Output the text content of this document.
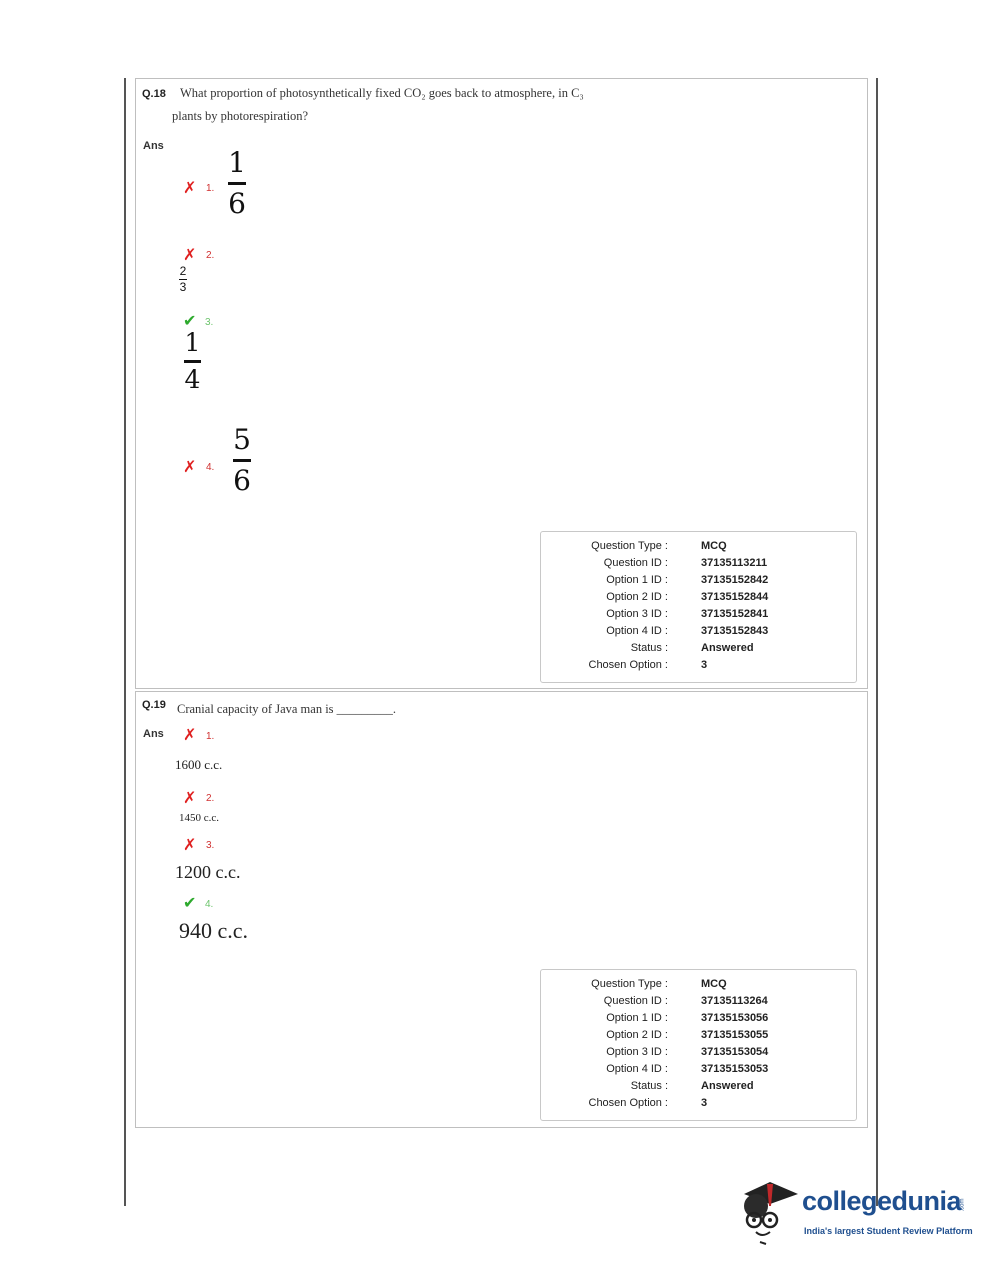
Q.18 What proportion of photosynthetically fixed CO₂ goes back to atmosphere, in C₃
plants by photorespiration?
Ans
✗ 1.
1
6
✗ 2.
2
3
✔ 3.
1
4
✗ 4.
5
6
Question Type :	MCQ
Question ID :	37135113211
Option 1 ID :	37135152842
Option 2 ID :	37135152844
Option 3 ID :	37135152841
Option 4 ID :	37135152843
Status :	Answered
Chosen Option :	3
Q.19 Cranial capacity of Java man is _________.
Ans ✗ 1.
1600 c.c.
✗ 2.
1450 c.c.
✗ 3.
1200 c.c.
✔ 4.
940 c.c.
Question Type :	MCQ
Question ID :	37135113264
Option 1 ID :	37135153056
Option 2 ID :	37135153055
Option 3 ID :	37135153054
Option 4 ID :	37135153053
Status :	Answered
Chosen Option :	3
collegedunia
.com
India's largest Student Review Platform
